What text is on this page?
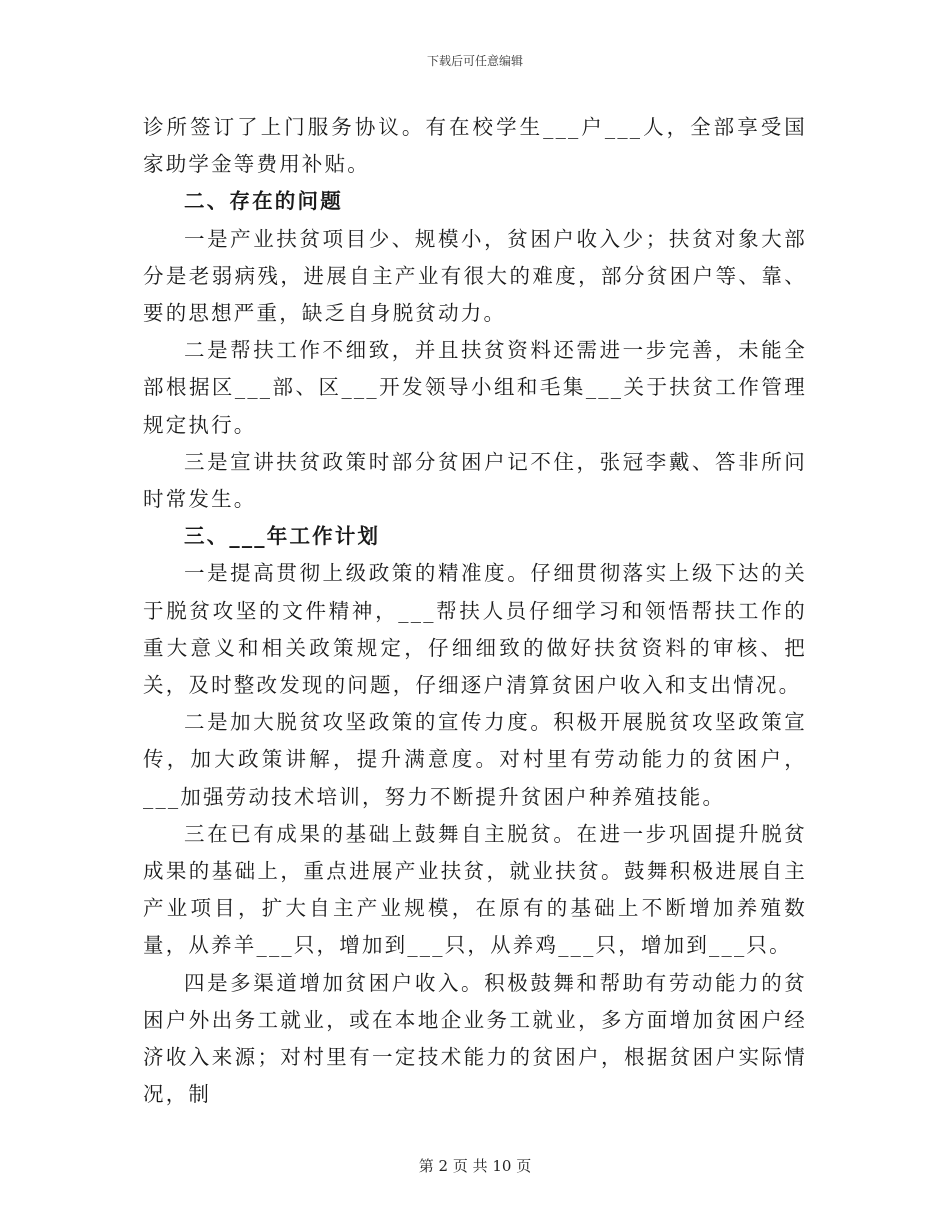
下载后可任意编辑

诊所签订了上门服务协议。有在校学生___户___人，全部享受国家助学金等费用补贴。

二、存在的问题

一是产业扶贫项目少、规模小，贫困户收入少；扶贫对象大部分是老弱病残，进展自主产业有很大的难度，部分贫困户等、靠、要的思想严重，缺乏自身脱贫动力。

二是帮扶工作不细致，并且扶贫资料还需进一步完善，未能全部根据区___部、区___开发领导小组和毛集___关于扶贫工作管理规定执行。

三是宣讲扶贫政策时部分贫困户记不住，张冠李戴、答非所问时常发生。

三、___年工作计划

一是提高贯彻上级政策的精准度。仔细贯彻落实上级下达的关于脱贫攻坚的文件精神，___帮扶人员仔细学习和领悟帮扶工作的重大意义和相关政策规定，仔细细致的做好扶贫资料的审核、把关，及时整改发现的问题，仔细逐户清算贫困户收入和支出情况。

二是加大脱贫攻坚政策的宣传力度。积极开展脱贫攻坚政策宣传，加大政策讲解，提升满意度。对村里有劳动能力的贫困户，___加强劳动技术培训，努力不断提升贫困户种养殖技能。

三在已有成果的基础上鼓舞自主脱贫。在进一步巩固提升脱贫成果的基础上，重点进展产业扶贫，就业扶贫。鼓舞积极进展自主产业项目，扩大自主产业规模，在原有的基础上不断增加养殖数量，从养羊___只，增加到___只，从养鸡___只，增加到___只。

四是多渠道增加贫困户收入。积极鼓舞和帮助有劳动能力的贫困户外出务工就业，或在本地企业务工就业，多方面增加贫困户经济收入来源；对村里有一定技术能力的贫困户，根据贫困户实际情况，制

第 2 页 共 10 页
